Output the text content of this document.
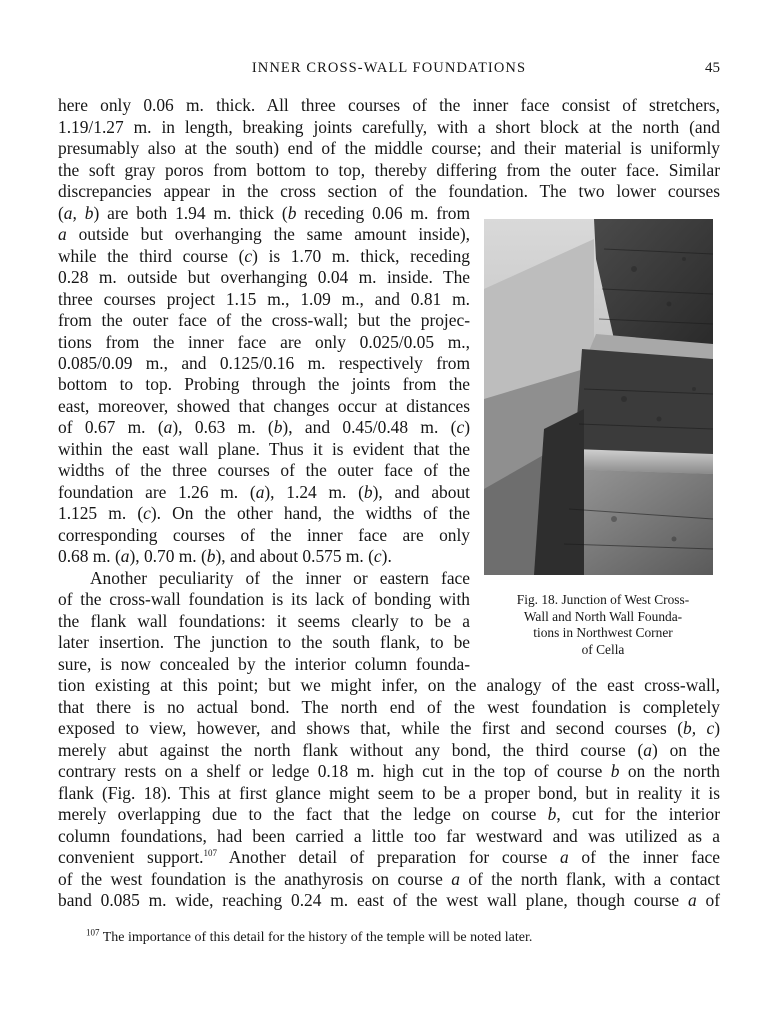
INNER CROSS-WALL FOUNDATIONS	45
here only 0.06 m. thick. All three courses of the inner face consist of stretchers,
1.19/1.27 m. in length, breaking joints carefully, with a short block at the north (and
presumably also at the south) end of the middle course; and their material is uniformly
the soft gray poros from bottom to top, thereby differing from the outer face. Similar
discrepancies appear in the cross section of the foundation. The two lower courses
(a, b) are both 1.94 m. thick (b receding 0.06 m. from
a outside but overhanging the same amount inside),
while the third course (c) is 1.70 m. thick, receding
0.28 m. outside but overhanging 0.04 m. inside. The
three courses project 1.15 m., 1.09 m., and 0.81 m.
from the outer face of the cross-wall; but the projec-
tions from the inner face are only 0.025/0.05 m.,
0.085/0.09 m., and 0.125/0.16 m. respectively from
bottom to top. Probing through the joints from the
east, moreover, showed that changes occur at distances
of 0.67 m. (a), 0.63 m. (b), and 0.45/0.48 m. (c)
within the east wall plane. Thus it is evident that the
widths of the three courses of the outer face of the
foundation are 1.26 m. (a), 1.24 m. (b), and about
1.125 m. (c). On the other hand, the widths of the
corresponding courses of the inner face are only
0.68 m. (a), 0.70 m. (b), and about 0.575 m. (c).
Another peculiarity of the inner or eastern face
of the cross-wall foundation is its lack of bonding with
the flank wall foundations: it seems clearly to be a
later insertion. The junction to the south flank, to be
sure, is now concealed by the interior column founda-
tion existing at this point; but we might infer, on the analogy of the east cross-wall,
that there is no actual bond. The north end of the west foundation is completely
exposed to view, however, and shows that, while the first and second courses (b, c)
merely abut against the north flank without any bond, the third course (a) on the
contrary rests on a shelf or ledge 0.18 m. high cut in the top of course b on the north
flank (Fig. 18). This at first glance might seem to be a proper bond, but in reality it is
merely overlapping due to the fact that the ledge on course b, cut for the interior
column foundations, had been carried a little too far westward and was utilized as a
convenient support.$^{107}$ Another detail of preparation for course a of the inner face
of the west foundation is the anathyrosis on course a of the north flank, with a contact
band 0.085 m. wide, reaching 0.24 m. east of the west wall plane, though course a of
Fig. 18. Junction of West Cross-
Wall and North Wall Founda-
tions in Northwest Corner
of Cella
$^{107}$ The importance of this detail for the history of the temple will be noted later.
